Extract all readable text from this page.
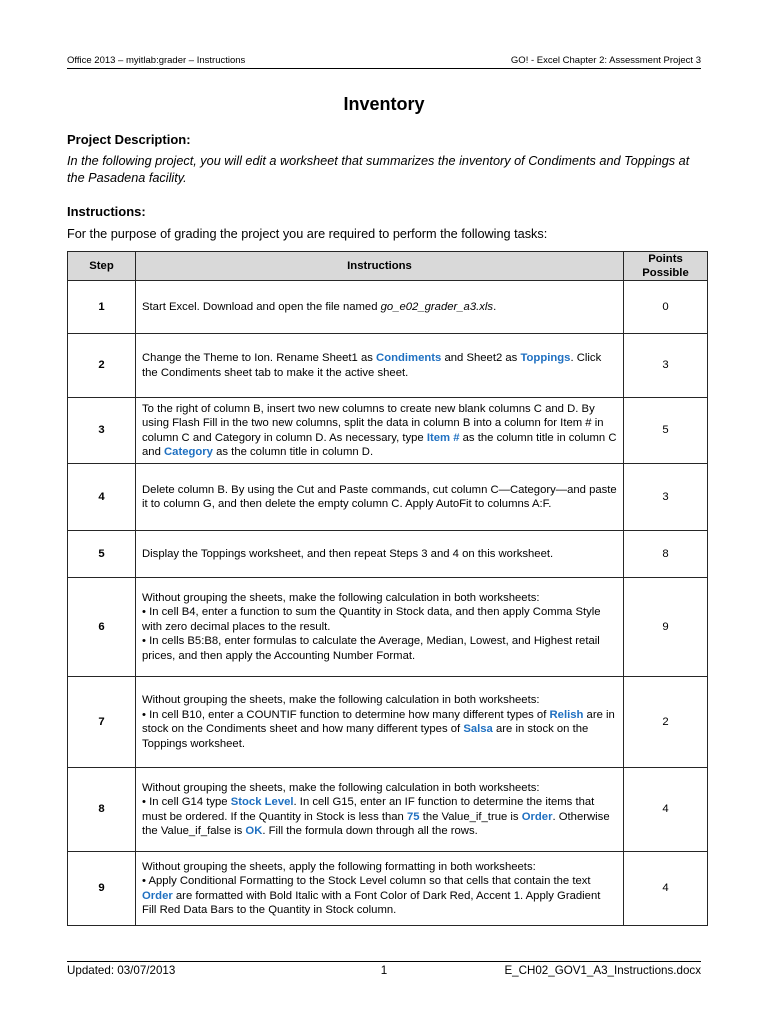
Office 2013 – myitlab:grader – Instructions	GO! - Excel Chapter 2: Assessment Project 3
Inventory
Project Description:

In the following project, you will edit a worksheet that summarizes the inventory of Condiments and Toppings at the Pasadena facility.

Instructions:

For the purpose of grading the project you are required to perform the following tasks:

Step	Instructions	Points Possible
1	Start Excel. Download and open the file named go_e02_grader_a3.xls.	0
2	Change the Theme to Ion. Rename Sheet1 as Condiments and Sheet2 as Toppings. Click the Condiments sheet tab to make it the active sheet.	3
3	To the right of column B, insert two new columns to create new blank columns C and D. By using Flash Fill in the two new columns, split the data in column B into a column for Item # in column C and Category in column D. As necessary, type Item # as the column title in column C and Category as the column title in column D.	5
4	Delete column B. By using the Cut and Paste commands, cut column C—Category—and paste it to column G, and then delete the empty column C. Apply AutoFit to columns A:F.	3
5	Display the Toppings worksheet, and then repeat Steps 3 and 4 on this worksheet.	8
6	Without grouping the sheets, make the following calculation in both worksheets:
• In cell B4, enter a function to sum the Quantity in Stock data, and then apply Comma Style with zero decimal places to the result.
• In cells B5:B8, enter formulas to calculate the Average, Median, Lowest, and Highest retail prices, and then apply the Accounting Number Format.	9
7	Without grouping the sheets, make the following calculation in both worksheets:
• In cell B10, enter a COUNTIF function to determine how many different types of Relish are in stock on the Condiments sheet and how many different types of Salsa are in stock on the Toppings worksheet.	2
8	Without grouping the sheets, make the following calculation in both worksheets:
• In cell G14 type Stock Level. In cell G15, enter an IF function to determine the items that must be ordered. If the Quantity in Stock is less than 75 the Value_if_true is Order. Otherwise the Value_if_false is OK. Fill the formula down through all the rows.	4
9	Without grouping the sheets, apply the following formatting in both worksheets:
• Apply Conditional Formatting to the Stock Level column so that cells that contain the text Order are formatted with Bold Italic with a Font Color of Dark Red, Accent 1. Apply Gradient Fill Red Data Bars to the Quantity in Stock column.	4
Updated: 03/07/2013	1	E_CH02_GOV1_A3_Instructions.docx
